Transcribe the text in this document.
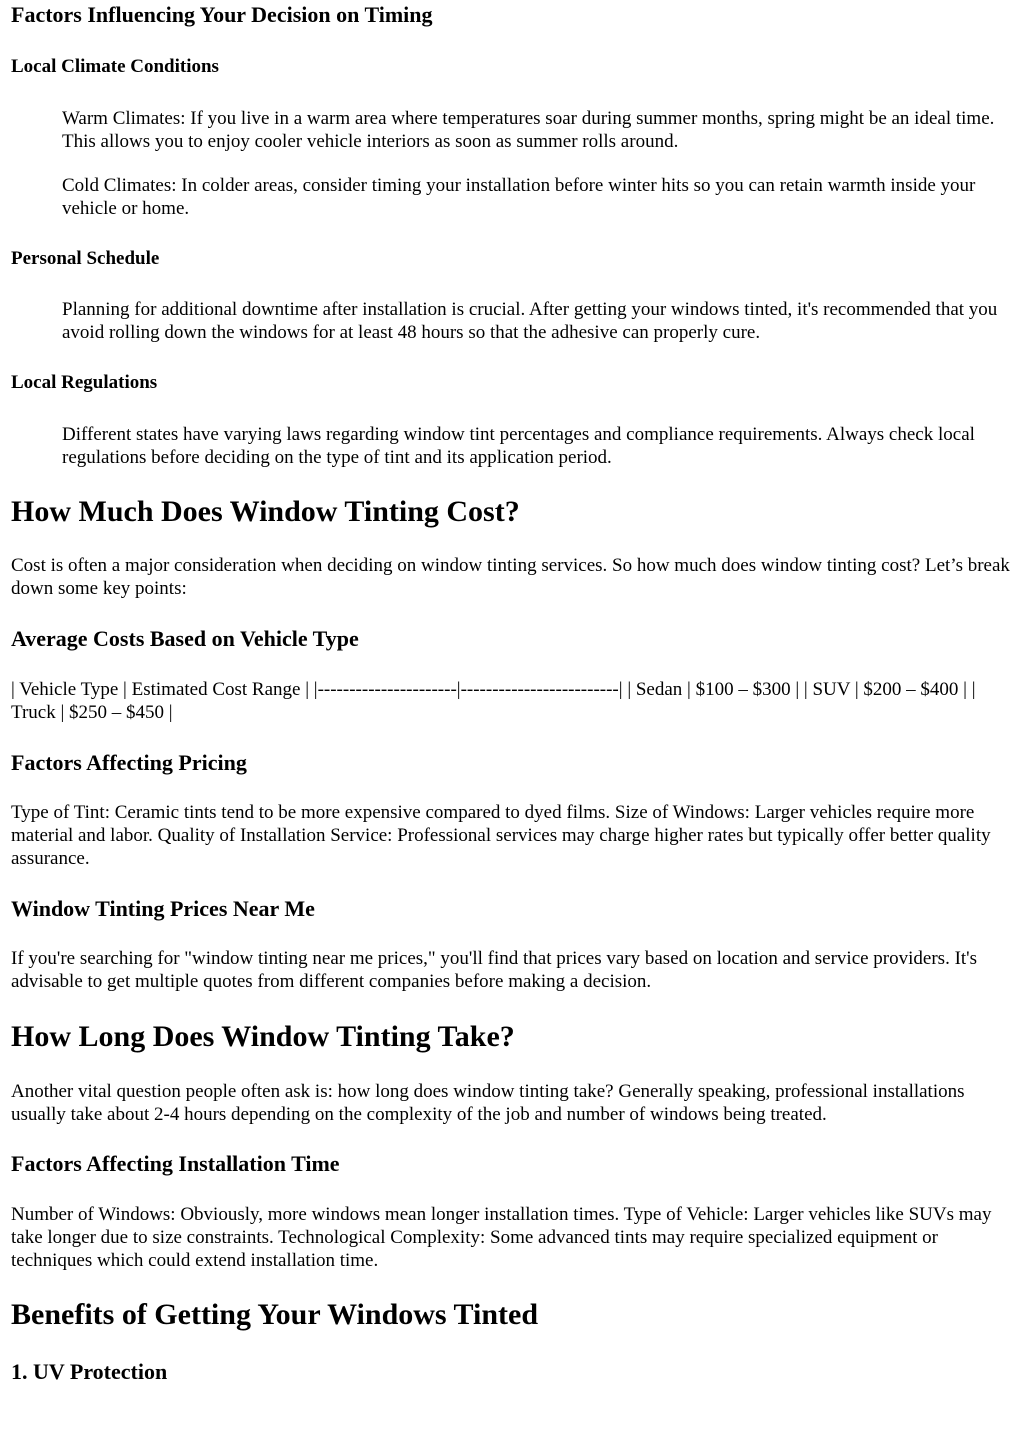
Factors Influencing Your Decision on Timing
Local Climate Conditions

Warm Climates: If you live in a warm area where temperatures soar during summer months, spring might be an ideal time. This allows you to enjoy cooler vehicle interiors as soon as summer rolls around.

Cold Climates: In colder areas, consider timing your installation before winter hits so you can retain warmth inside your vehicle or home.

Personal Schedule

Planning for additional downtime after installation is crucial. After getting your windows tinted, it's recommended that you avoid rolling down the windows for at least 48 hours so that the adhesive can properly cure.

Local Regulations

Different states have varying laws regarding window tint percentages and compliance requirements. Always check local regulations before deciding on the type of tint and its application period.

How Much Does Window Tinting Cost?

Cost is often a major consideration when deciding on window tinting services. So how much does window tinting cost? Let’s break down some key points:

Average Costs Based on Vehicle Type

| Vehicle Type | Estimated Cost Range | |----------------------|-------------------------| | Sedan | $100 – $300 | | SUV | $200 – $400 | | Truck | $250 – $450 |

Factors Affecting Pricing

Type of Tint: Ceramic tints tend to be more expensive compared to dyed films. Size of Windows: Larger vehicles require more material and labor. Quality of Installation Service: Professional services may charge higher rates but typically offer better quality assurance.

Window Tinting Prices Near Me

If you're searching for "window tinting near me prices," you'll find that prices vary based on location and service providers. It's advisable to get multiple quotes from different companies before making a decision.

How Long Does Window Tinting Take?

Another vital question people often ask is: how long does window tinting take? Generally speaking, professional installations usually take about 2-4 hours depending on the complexity of the job and number of windows being treated.

Factors Affecting Installation Time

Number of Windows: Obviously, more windows mean longer installation times. Type of Vehicle: Larger vehicles like SUVs may take longer due to size constraints. Technological Complexity: Some advanced tints may require specialized equipment or techniques which could extend installation time.

Benefits of Getting Your Windows Tinted
1. UV Protection
